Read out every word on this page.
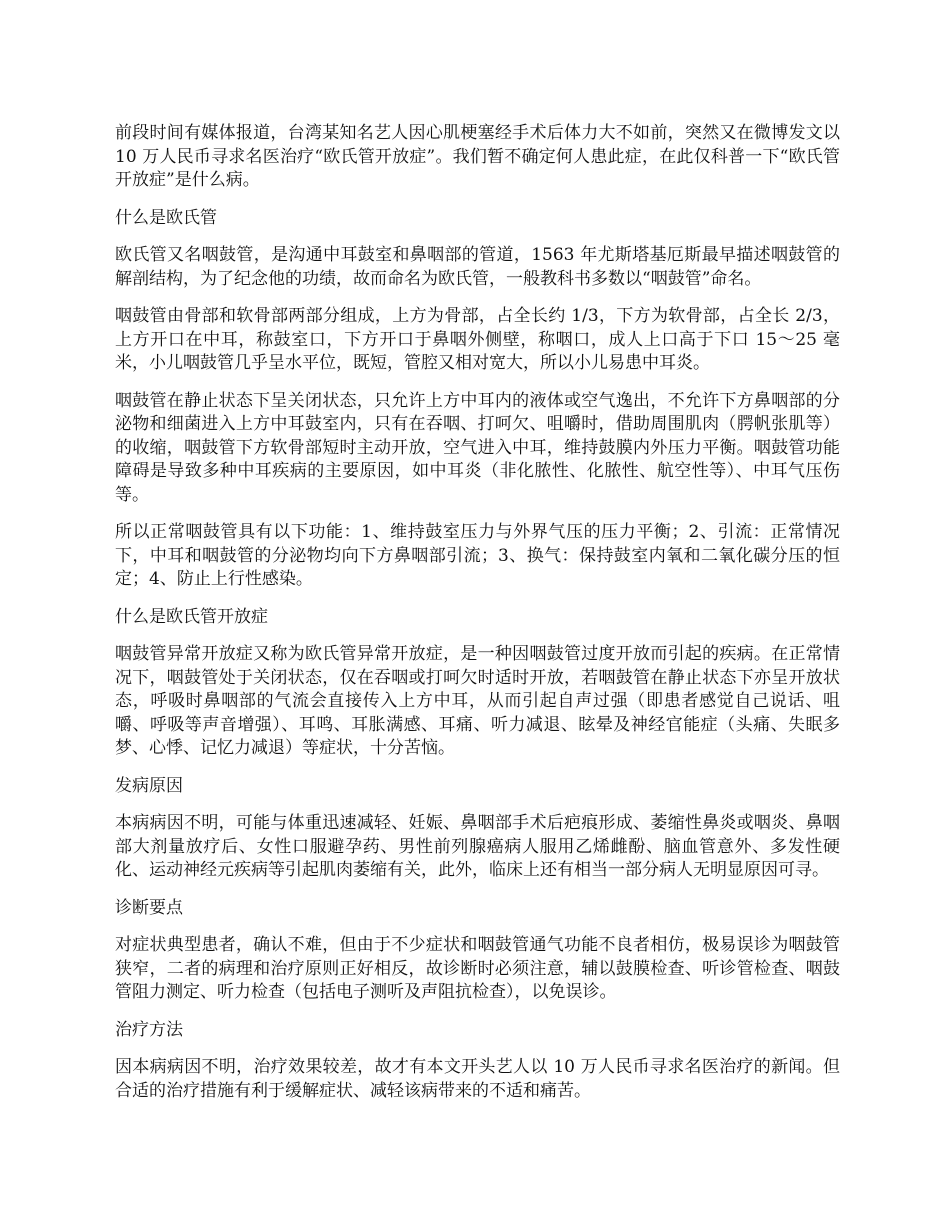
前段时间有媒体报道，台湾某知名艺人因心肌梗塞经手术后体力大不如前，突然又在微博发文以 10 万人民币寻求名医治疗“欧氏管开放症”。我们暂不确定何人患此症，在此仅科普一下“欧氏管开放症”是什么病。

什么是欧氏管

欧氏管又名咽鼓管，是沟通中耳鼓室和鼻咽部的管道，1563 年尤斯塔基厄斯最早描述咽鼓管的解剖结构，为了纪念他的功绩，故而命名为欧氏管，一般教科书多数以“咽鼓管”命名。

咽鼓管由骨部和软骨部两部分组成，上方为骨部，占全长约 1/3，下方为软骨部，占全长 2/3，上方开口在中耳，称鼓室口，下方开口于鼻咽外侧壁，称咽口，成人上口高于下口 15～25 毫米，小儿咽鼓管几乎呈水平位，既短，管腔又相对宽大，所以小儿易患中耳炎。

咽鼓管在静止状态下呈关闭状态，只允许上方中耳内的液体或空气逸出，不允许下方鼻咽部的分泌物和细菌进入上方中耳鼓室内，只有在吞咽、打呵欠、咀嚼时，借助周围肌肉（腭帆张肌等）的收缩，咽鼓管下方软骨部短时主动开放，空气进入中耳，维持鼓膜内外压力平衡。咽鼓管功能障碍是导致多种中耳疾病的主要原因，如中耳炎（非化脓性、化脓性、航空性等）、中耳气压伤等。

所以正常咽鼓管具有以下功能：1、维持鼓室压力与外界气压的压力平衡；2、引流：正常情况下，中耳和咽鼓管的分泌物均向下方鼻咽部引流；3、换气：保持鼓室内氧和二氧化碳分压的恒定；4、防止上行性感染。

什么是欧氏管开放症

咽鼓管异常开放症又称为欧氏管异常开放症，是一种因咽鼓管过度开放而引起的疾病。在正常情况下，咽鼓管处于关闭状态，仅在吞咽或打呵欠时适时开放，若咽鼓管在静止状态下亦呈开放状态，呼吸时鼻咽部的气流会直接传入上方中耳，从而引起自声过强（即患者感觉自己说话、咀嚼、呼吸等声音增强）、耳鸣、耳胀满感、耳痛、听力减退、眩晕及神经官能症（头痛、失眠多梦、心悸、记忆力减退）等症状，十分苦恼。

发病原因

本病病因不明，可能与体重迅速减轻、妊娠、鼻咽部手术后疤痕形成、萎缩性鼻炎或咽炎、鼻咽部大剂量放疗后、女性口服避孕药、男性前列腺癌病人服用乙烯雌酚、脑血管意外、多发性硬化、运动神经元疾病等引起肌肉萎缩有关，此外，临床上还有相当一部分病人无明显原因可寻。

诊断要点

对症状典型患者，确认不难，但由于不少症状和咽鼓管通气功能不良者相仿，极易误诊为咽鼓管狭窄，二者的病理和治疗原则正好相反，故诊断时必须注意，辅以鼓膜检查、听诊管检查、咽鼓管阻力测定、听力检查（包括电子测听及声阻抗检查），以免误诊。

治疗方法

因本病病因不明，治疗效果较差，故才有本文开头艺人以 10 万人民币寻求名医治疗的新闻。但合适的治疗措施有利于缓解症状、减轻该病带来的不适和痛苦。
